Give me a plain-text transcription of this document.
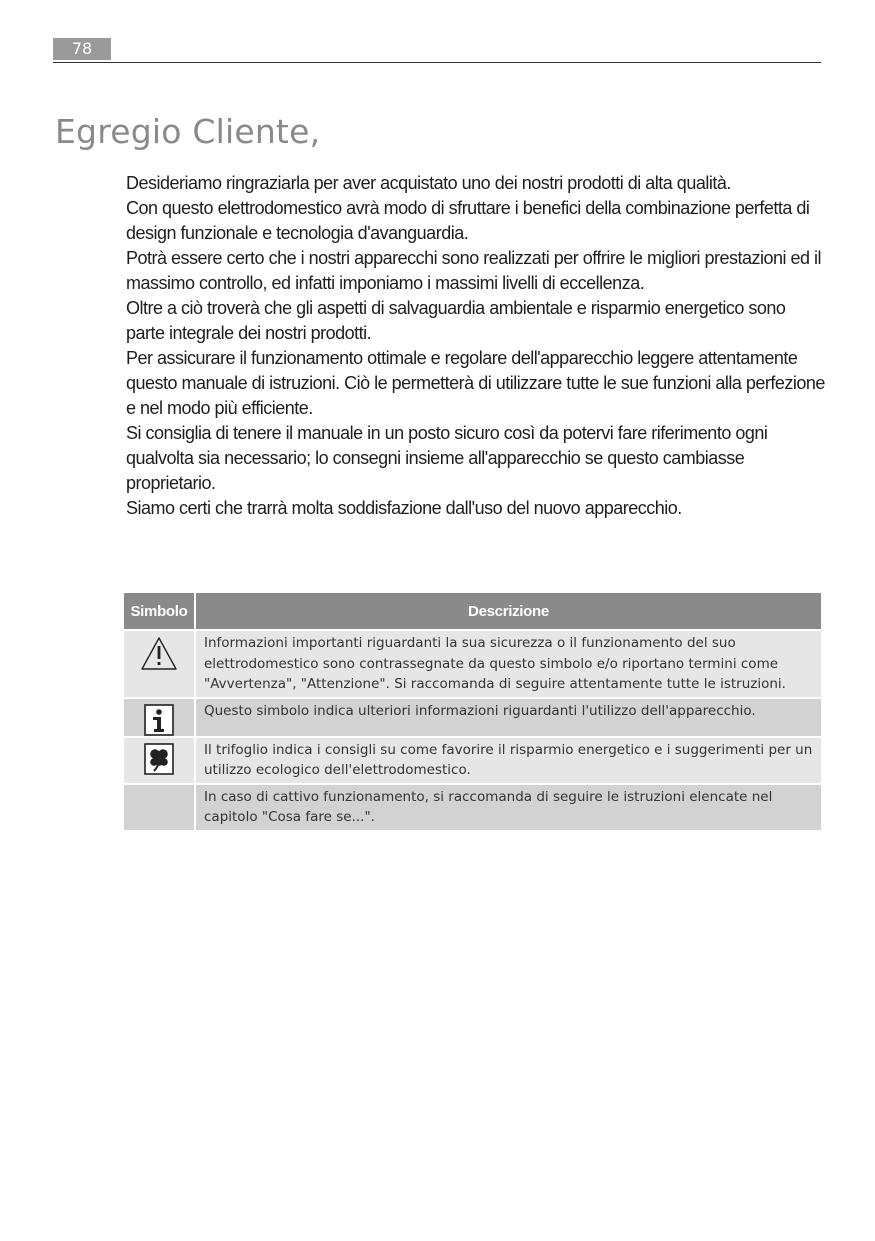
78
Egregio Cliente,

Desideriamo ringraziarla per aver acquistato uno dei nostri prodotti di alta qualità.

Con questo elettrodomestico avrà modo di sfruttare i benefici della combinazione perfetta di design funzionale e tecnologia d'avanguardia.

Potrà essere certo che i nostri apparecchi sono realizzati per offrire le migliori prestazioni ed il massimo controllo, ed infatti imponiamo i massimi livelli di eccellenza.

Oltre a ciò troverà che gli aspetti di salvaguardia ambientale e risparmio energetico sono parte integrale dei nostri prodotti.

Per assicurare il funzionamento ottimale e regolare dell'apparecchio leggere attentamente questo manuale di istruzioni. Ciò le permetterà di utilizzare tutte le sue funzioni alla perfezione e nel modo più efficiente.

Si consiglia di tenere il manuale in un posto sicuro così da potervi fare riferimento ogni qualvolta sia necessario; lo consegni insieme all'apparecchio se questo cambiasse proprietario.

Siamo certi che trarrà molta soddisfazione dall'uso del nuovo apparecchio.

Simbolo	Descrizione

	Informazioni importanti riguardanti la sua sicurezza o il funzionamento del suo elettrodomestico sono contrassegnate da questo simbolo e/o riportano termini come "Avvertenza", "Attenzione". Si raccomanda di seguire attentamente tutte le istruzioni.

	Questo simbolo indica ulteriori informazioni riguardanti l'utilizzo dell'apparecchio.

	Il trifoglio indica i consigli su come favorire il risparmio energetico e i suggerimenti per un utilizzo ecologico dell'elettrodomestico.
	In caso di cattivo funzionamento, si raccomanda di seguire le istruzioni elencate nel capitolo "Cosa fare se...".
